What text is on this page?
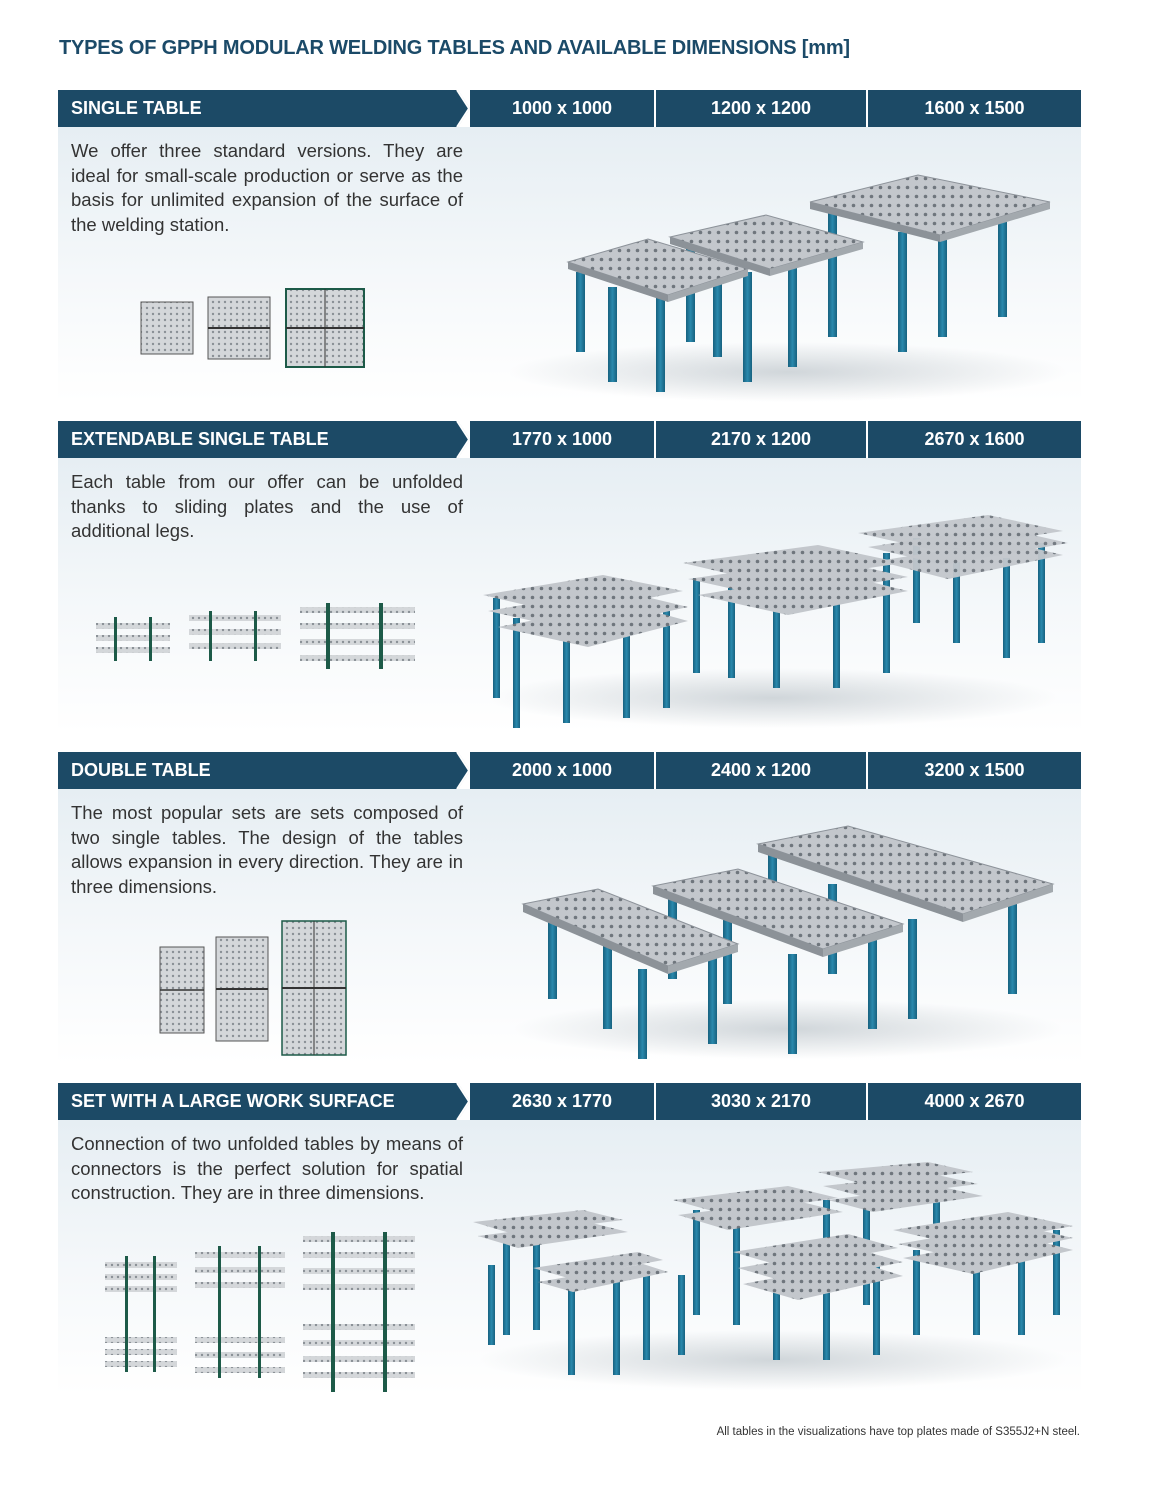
TYPES OF GPPH MODULAR WELDING TABLES AND AVAILABLE DIMENSIONS [mm]
SINGLE TABLE	1000 x 1000	1200 x 1200	1600 x 1500
We offer three standard versions. They are ideal for small-scale production or serve as the basis for unlimited expansion of the surface of the welding station.
EXTENDABLE SINGLE TABLE	1770 x 1000	2170 x 1200	2670 x 1600
Each table from our offer can be unfolded thanks to sliding plates and the use of additional legs.
DOUBLE TABLE	2000 x 1000	2400 x 1200	3200 x 1500
The most popular sets are sets composed of two single tables. The design of the tables allows expansion in every direction. They are in three dimensions.
SET WITH A LARGE WORK SURFACE	2630 x 1770	3030 x 2170	4000 x 2670
Connection of two unfolded tables by means of connectors is the perfect solution for spatial construction. They are in three dimensions.
All tables in the visualizations have top plates made of S355J2+N steel.
